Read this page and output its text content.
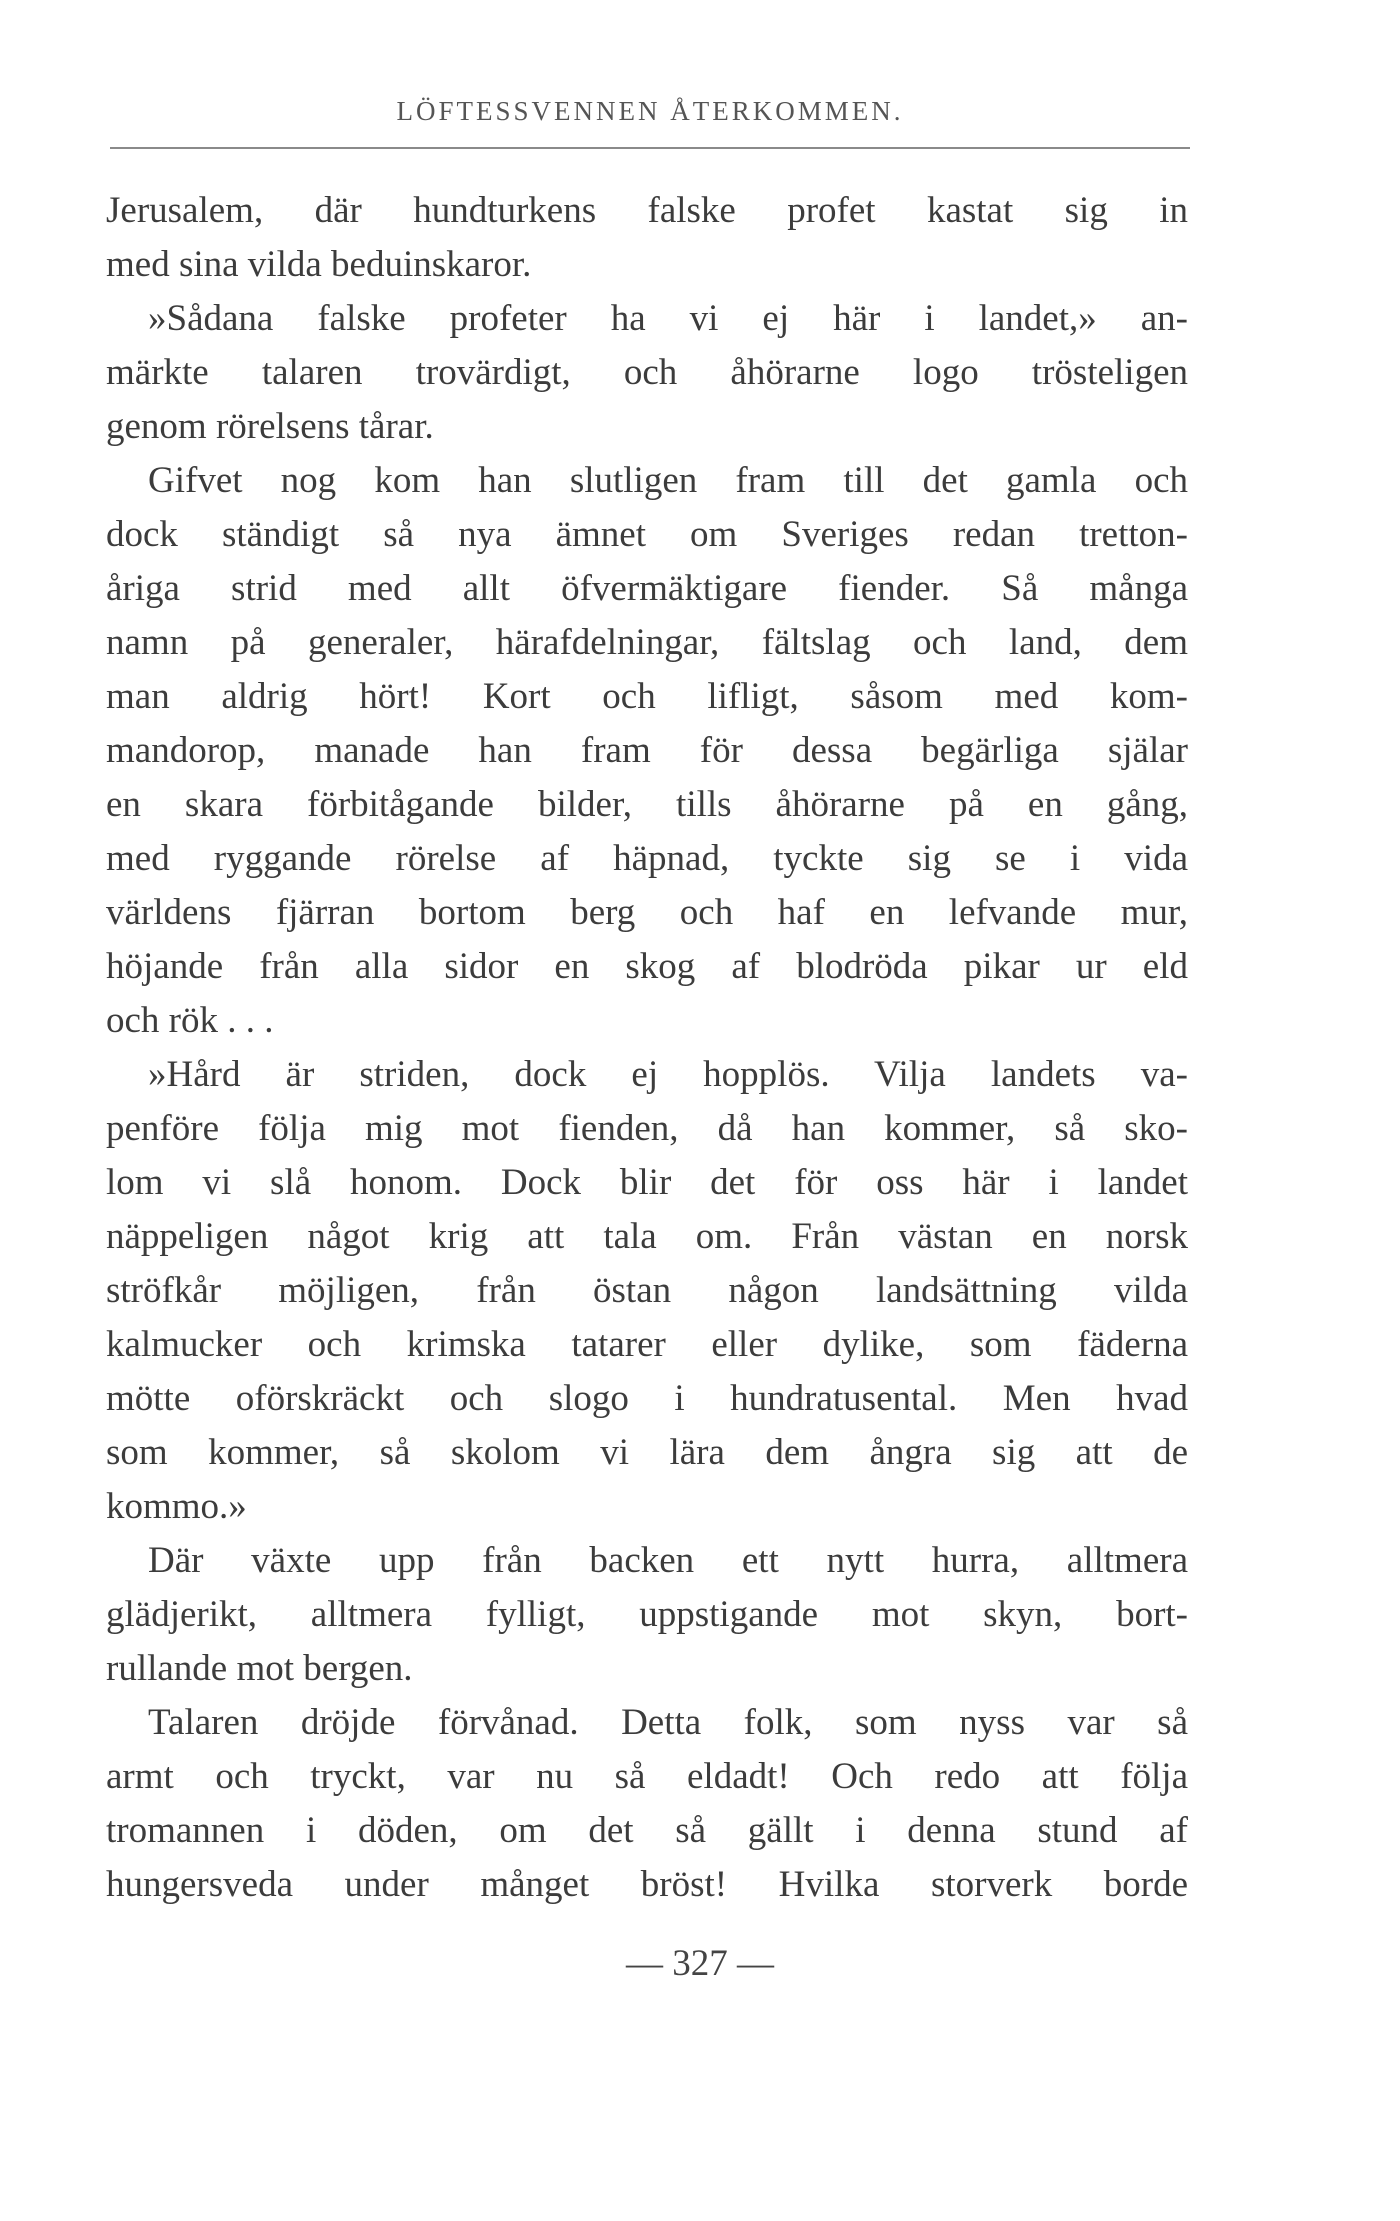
LÖFTESSVENNEN ÅTERKOMMEN.
Jerusalem, där hundturkens falske profet kastat sig in
med sina vilda beduinskaror.
»Sådana falske profeter ha vi ej här i landet,» an-
märkte talaren trovärdigt, och åhörarne logo trösteligen
genom rörelsens tårar.
Gifvet nog kom han slutligen fram till det gamla och
dock ständigt så nya ämnet om Sveriges redan tretton-
åriga strid med allt öfvermäktigare fiender. Så många
namn på generaler, härafdelningar, fältslag och land, dem
man aldrig hört! Kort och lifligt, såsom med kom-
mandorop, manade han fram för dessa begärliga själar
en skara förbitågande bilder, tills åhörarne på en gång,
med ryggande rörelse af häpnad, tyckte sig se i vida
världens fjärran bortom berg och haf en lefvande mur,
höjande från alla sidor en skog af blodröda pikar ur eld
och rök . . .
»Hård är striden, dock ej hopplös. Vilja landets va-
penföre följa mig mot fienden, då han kommer, så sko-
lom vi slå honom. Dock blir det för oss här i landet
näppeligen något krig att tala om. Från västan en norsk
ströfkår möjligen, från östan någon landsättning vilda
kalmucker och krimska tatarer eller dylike, som fäderna
mötte oförskräckt och slogo i hundratusental. Men hvad
som kommer, så skolom vi lära dem ångra sig att de
kommo.»
Där växte upp från backen ett nytt hurra, alltmera
glädjerikt, alltmera fylligt, uppstigande mot skyn, bort-
rullande mot bergen.
Talaren dröjde förvånad. Detta folk, som nyss var så
armt och tryckt, var nu så eldadt! Och redo att följa
tromannen i döden, om det så gällt i denna stund af
hungersveda under månget bröst! Hvilka storverk borde
— 327 —
